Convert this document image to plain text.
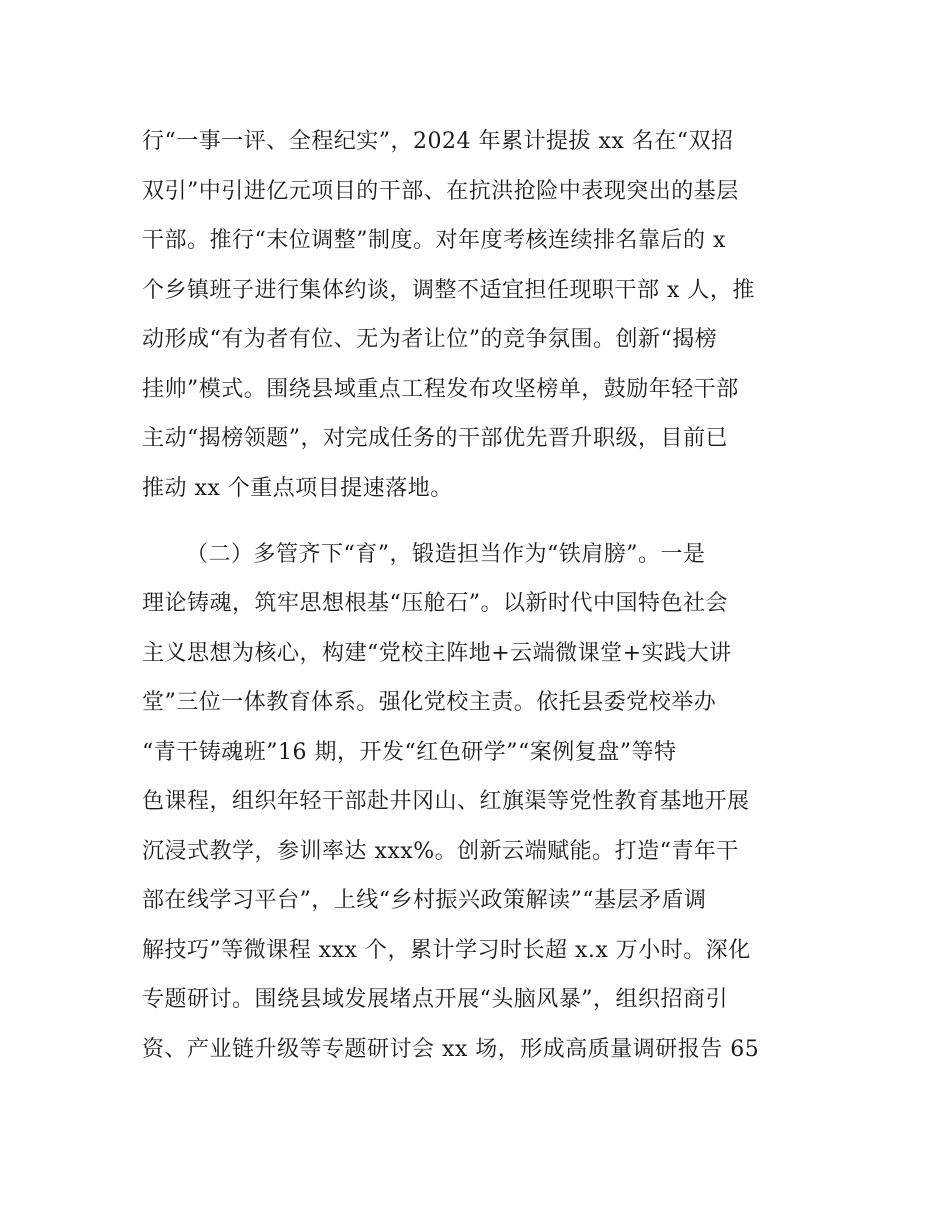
行“一事一评、全程纪实”，2024 年累计提拔 xx 名在“双招
双引”中引进亿元项目的干部、在抗洪抢险中表现突出的基层
干部。推行“末位调整”制度。对年度考核连续排名靠后的 x
个乡镇班子进行集体约谈，调整不适宜担任现职干部 x 人，推
动形成“有为者有位、无为者让位”的竞争氛围。创新“揭榜
挂帅”模式。围绕县域重点工程发布攻坚榜单，鼓励年轻干部
主动“揭榜领题”，对完成任务的干部优先晋升职级，目前已
推动 xx 个重点项目提速落地。
（二）多管齐下“育”，锻造担当作为“铁肩膀”。一是
理论铸魂，筑牢思想根基“压舱石”。以新时代中国特色社会
主义思想为核心，构建“党校主阵地+云端微课堂+实践大讲
堂”三位一体教育体系。强化党校主责。依托县委党校举办
“青干铸魂班”16 期，开发“红色研学”“案例复盘”等特
色课程，组织年轻干部赴井冈山、红旗渠等党性教育基地开展
沉浸式教学，参训率达 xxx%。创新云端赋能。打造“青年干
部在线学习平台”，上线“乡村振兴政策解读”“基层矛盾调
解技巧”等微课程 xxx 个，累计学习时长超 x.x 万小时。深化
专题研讨。围绕县域发展堵点开展“头脑风暴”，组织招商引
资、产业链升级等专题研讨会 xx 场，形成高质量调研报告 65
